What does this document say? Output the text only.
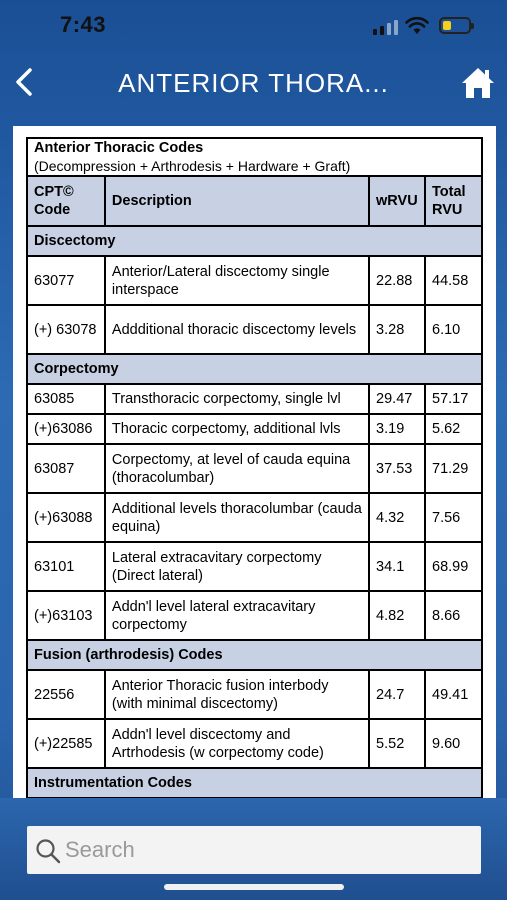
7:43
ANTERIOR THORA...
Anterior Thoracic Codes
(Decompression + Arthrodesis + Hardware + Graft)			

CPT© Code	Description	wRVU	Total RVU

Discectomy			
63077	Anterior/Lateral discectomy single interspace	22.88	44.58
(+) 63078	Addditional thoracic discectomy levels	3.28	6.10
Corpectomy			
63085	Transthoracic corpectomy, single lvl	29.47	57.17
(+)63086	Thoracic corpectomy, additional lvls	3.19	5.62
63087	Corpectomy, at level of cauda equina (thoracolumbar)	37.53	71.29
(+)63088	Additional levels thoracolumbar (cauda equina)	4.32	7.56
63101	Lateral extracavitary corpectomy (Direct lateral)	34.1	68.99
(+)63103	Addn'l level lateral extracavitary corpectomy	4.82	8.66
Fusion (arthrodesis) Codes			
22556	Anterior Thoracic fusion interbody (with minimal discectomy)	24.7	49.41
(+)22585	Addn'l level discectomy and Artrhodesis (w corpectomy code)	5.52	9.60
Instrumentation Codes			
Search
